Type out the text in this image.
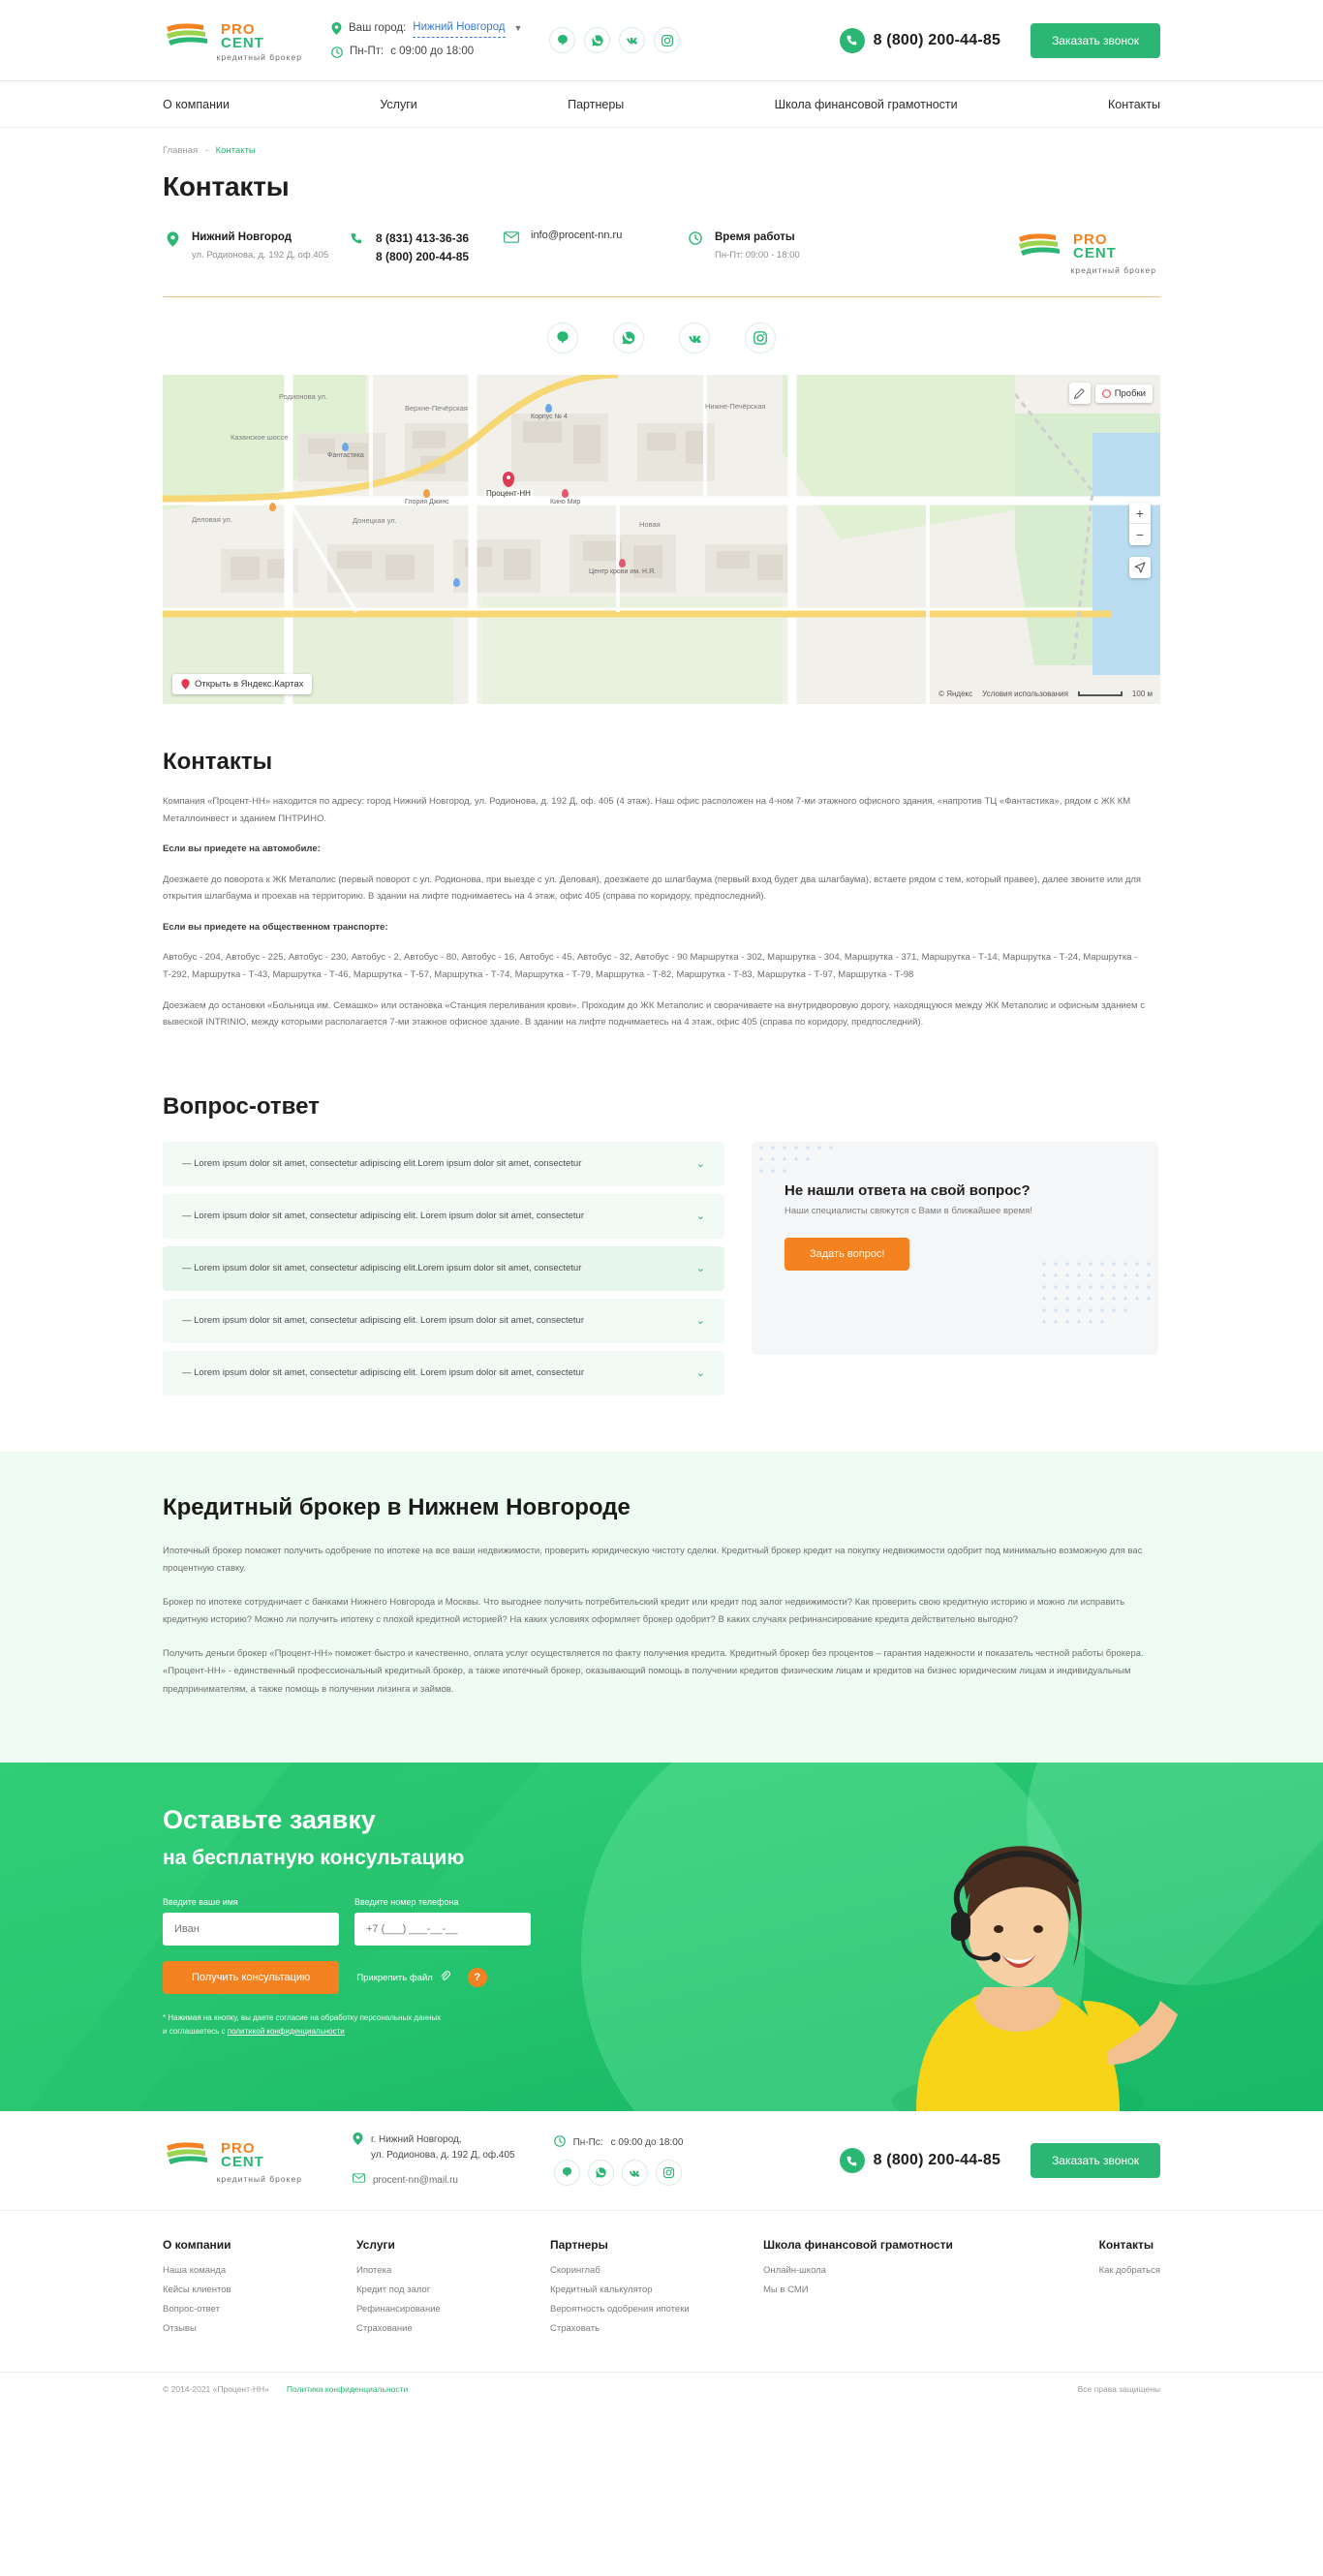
PRO
CENT
кредитный брокер
Ваш город: Нижний Новгород ▼
Пн-Пт: с 09:00 до 18:00
8 (800) 200-44-85	Заказать звонок
О компании	Услуги	Партнеры	Школа финансовой грамотности	Контакты
Главная - Контакты
Контакты
Нижний Новгород
ул. Родионова, д. 192 Д, оф.405
8 (831) 413-36-36
8 (800) 200-44-85
info@procent-nn.ru	Время работы
Пн-Пт: 09:00 - 18:00
PRO
CENT
кредитный брокер
Фантастика
Глория Джинс	Кино Мир
Центр крови им. Н.Я.
Корпус № 4
Процент-НН
Пробки
+
−
Открыть в Яндекс.Картах
© Яндекс Условия использования	100 м
Новая
Казанское шоссе
Деловая ул.	Донецкая ул.
Верхне-Печёрская	Нижне-Печёрская
Родионова ул.
Контакты

Компания «Процент-НН» находится по адресу: город Нижний Новгород, ул. Родионова, д. 192 Д, оф. 405 (4 этаж). Наш офис расположен на 4-ном 7-ми этажного офисного здания, «напротив ТЦ «Фантастика», рядом с ЖК КМ Металлоинвест и зданием ПНТРИНО.

Если вы приедете на автомобиле:

Доезжаете до поворота к ЖК Метаполис (первый поворот с ул. Родионова, при выезде с ул. Деловая), доезжаете до шлагбаума (первый вход будет два шлагбаума), встаете рядом с тем, который правее), далее звоните или для открытия шлагбаума и проехав на территорию. В здании на лифте поднимаетесь на 4 этаж, офис 405 (справа по коридору, предпоследний).

Если вы приедете на общественном транспорте:

Автобус - 204, Автобус - 225, Автобус - 230, Автобус - 2, Автобус - 80, Автобус - 16, Автобус - 45, Автобус - 32, Автобус - 90 Маршрутка - 302, Маршрутка - 304, Маршрутка - 371, Маршрутка - Т-14, Маршрутка - Т-24, Маршрутка - Т-292, Маршрутка - Т-43, Маршрутка - Т-46, Маршрутка - Т-57, Маршрутка - Т-74, Маршрутка - Т-79, Маршрутка - Т-82, Маршрутка - Т-83, Маршрутка - Т-97, Маршрутка - Т-98

Доезжаем до остановки «Больница им. Семашко» или остановка «Станция переливания крови». Проходим до ЖК Метаполис и сворачиваете на внутридворовую дорогу, находящуюся между ЖК Метаполис и офисным зданием с вывеской INTRINIO, между которыми располагается 7-ми этажное офисное здание. В здании на лифте поднимаетесь на 4 этаж, офис 405 (справа по коридору, предпоследний).

Вопрос-ответ
— Lorem ipsum dolor sit amet, consectetur adipiscing elit.Lorem ipsum dolor sit amet, consectetur	⌄
— Lorem ipsum dolor sit amet, consectetur adipiscing elit. Lorem ipsum dolor sit amet, consectetur	⌄
— Lorem ipsum dolor sit amet, consectetur adipiscing elit.Lorem ipsum dolor sit amet, consectetur	⌄
— Lorem ipsum dolor sit amet, consectetur adipiscing elit. Lorem ipsum dolor sit amet, consectetur	⌄
— Lorem ipsum dolor sit amet, consectetur adipiscing elit. Lorem ipsum dolor sit amet, consectetur	⌄
Не нашли ответа на свой вопрос?

Наши специалисты свяжутся с Вами в ближайшее время!

Задать вопрос!
Кредитный брокер в Нижнем Новгороде

Ипотечный брокер поможет получить одобрение по ипотеке на все ваши недвижимости, проверить юридическую чистоту сделки. Кредитный брокер кредит на покупку недвижимости одобрит под минимально возможную для вас процентную ставку.

Брокер по ипотеке сотрудничает с банками Нижнего Новгорода и Москвы. Что выгоднее получить потребительский кредит или кредит под залог недвижимости? Как проверить свою кредитную историю и можно ли исправить кредитную историю? Можно ли получить ипотеку с плохой кредитной историей? На каких условиях оформляет брокер одобрит? В каких случаях рефинансирование кредита действительно выгодно?

Получить деньги брокер «Процент-НН» поможет быстро и качественно, оплата услуг осуществляется по факту получения кредита. Кредитный брокер без процентов – гарантия надежности и показатель честной работы брокера. «Процент-НН» - единственный профессиональный кредитный брокер, а также ипотечный брокер, оказывающий помощь в получении кредитов физическим лицам и кредитов на бизнес юридическим лицам и индивидуальным предпринимателям, а также помощь в получении лизинга и займов.

Оставьте заявку
на бесплатную консультацию
Введите ваше имя
Иван	Введите номер телефона
+7 (___) ___-__-__
Получить консультацию	Прикрепить файл	?
* Нажимая на кнопку, вы даете согласие на обработку персональных данных
и соглашаетесь с политикой конфиденциальности
PRO
CENT
кредитный брокер
г. Нижний Новгород,
ул. Родионова, д. 192 Д, оф.405
procent-nn@mail.ru
Пн-Пс: с 09:00 до 18:00
8 (800) 200-44-85	Заказать звонок
О компании
Наша команда
Кейсы клиентов
Вопрос-ответ
Отзывы
Услуги
Ипотека
Кредит под залог
Рефинансирование
Страхование
Партнеры
Скоринглаб
Кредитный калькулятор
Вероятность одобрения ипотеки
Страховать
Школа финансовой грамотности
Онлайн-школа
Мы в СМИ
Контакты
Как добраться
© 2014-2021 «Процент-НН» Политика конфиденциальности	Все права защищены
